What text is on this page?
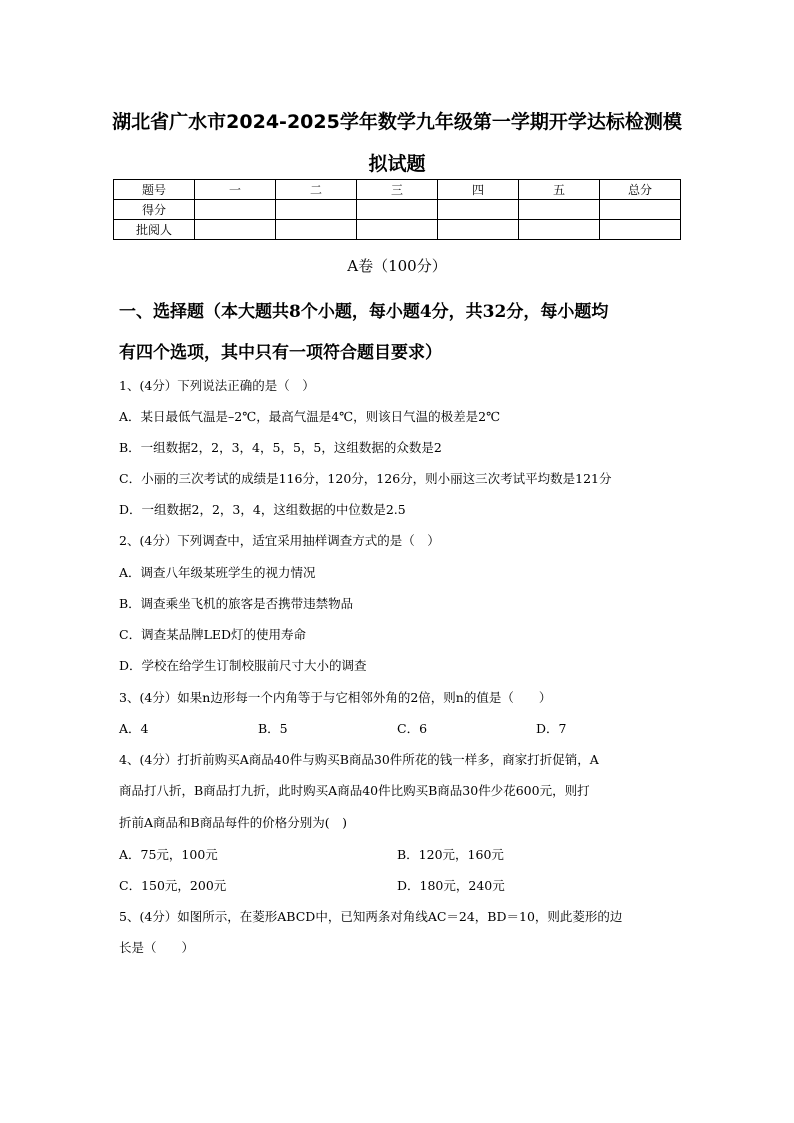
湖北省广水市2024-2025学年数学九年级第一学期开学达标检测模
拟试题
题号	一	二	三	四	五	总分
得分						
批阅人						
A卷（100分）
一、选择题（本大题共8个小题，每小题4分，共32分，每小题均
有四个选项，其中只有一项符合题目要求）
1、(4分）下列说法正确的是（　）
A．某日最低气温是–2℃，最高气温是4℃，则该日气温的极差是2℃
B．一组数据2，2，3，4，5，5，5，这组数据的众数是2
C．小丽的三次考试的成绩是116分，120分，126分，则小丽这三次考试平均数是121分
D．一组数据2，2，3，4，这组数据的中位数是2.5
2、(4分）下列调查中，适宜采用抽样调查方式的是（　）
A．调查八年级某班学生的视力情况
B．调查乘坐飞机的旅客是否携带违禁物品
C．调查某品牌LED灯的使用寿命
D．学校在给学生订制校服前尺寸大小的调查
3、(4分）如果n边形每一个内角等于与它相邻外角的2倍，则n的值是（　　）
A．4	B．5	C．6	D．7
4、(4分）打折前购买A商品40件与购买B商品30件所花的钱一样多，商家打折促销，A
商品打八折，B商品打九折，此时购买A商品40件比购买B商品30件少花600元，则打
折前A商品和B商品每件的价格分别为(　)
A．75元，100元	B．120元，160元
C．150元，200元	D．180元，240元
5、(4分）如图所示，在菱形ABCD中，已知两条对角线AC＝24，BD＝10，则此菱形的边
长是（　　）
